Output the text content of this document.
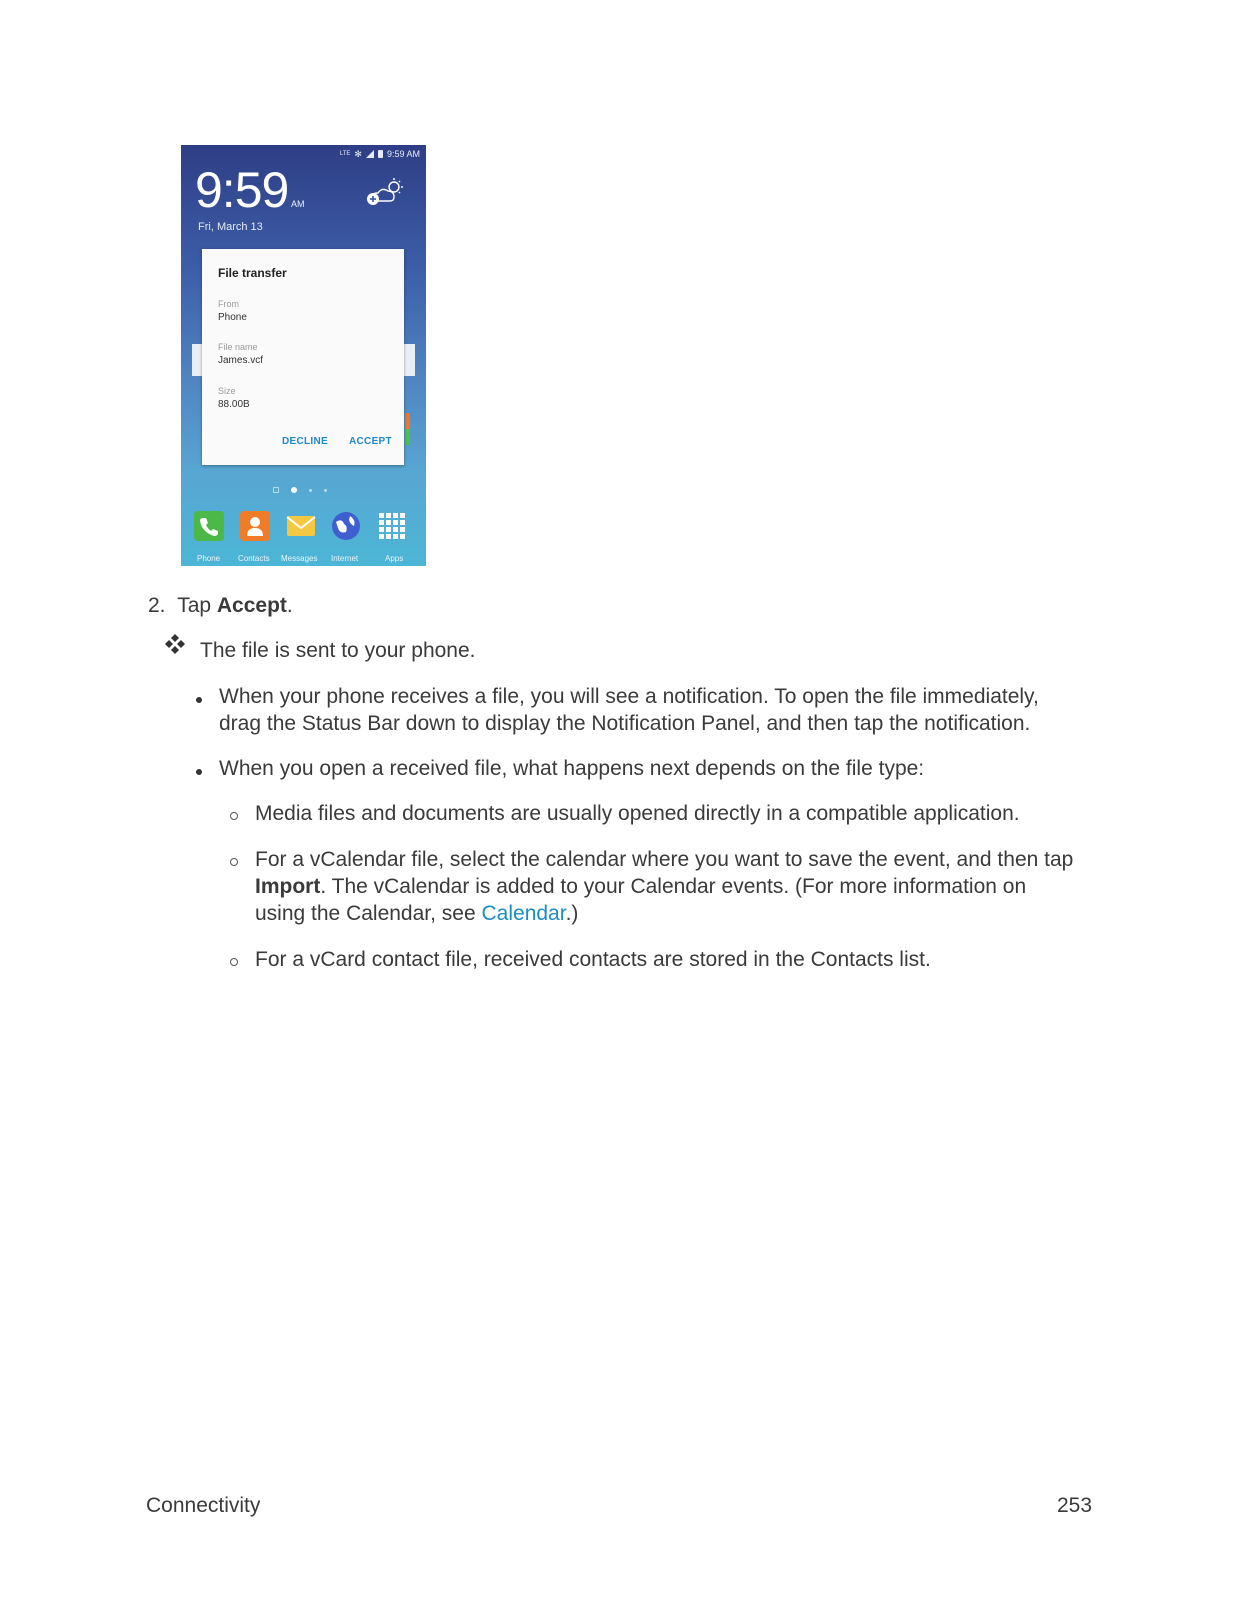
LTE ✻	9:59 AM
9:59 AM
Fri, March 13
File transfer
From
Phone
File name
James.vcf
Size
88.00B
DECLINE ACCEPT
Phone Contacts Messages Internet	Apps
2. Tap Accept.
The file is sent to your phone.
When your phone receives a file, you will see a notification. To open the file immediately,
drag the Status Bar down to display the Notification Panel, and then tap the notification.
When you open a received file, what happens next depends on the file type:
Media files and documents are usually opened directly in a compatible application.
For a vCalendar file, select the calendar where you want to save the event, and then tap
Import. The vCalendar is added to your Calendar events. (For more information on
using the Calendar, see Calendar.)
For a vCard contact file, received contacts are stored in the Contacts list.
Connectivity	253
